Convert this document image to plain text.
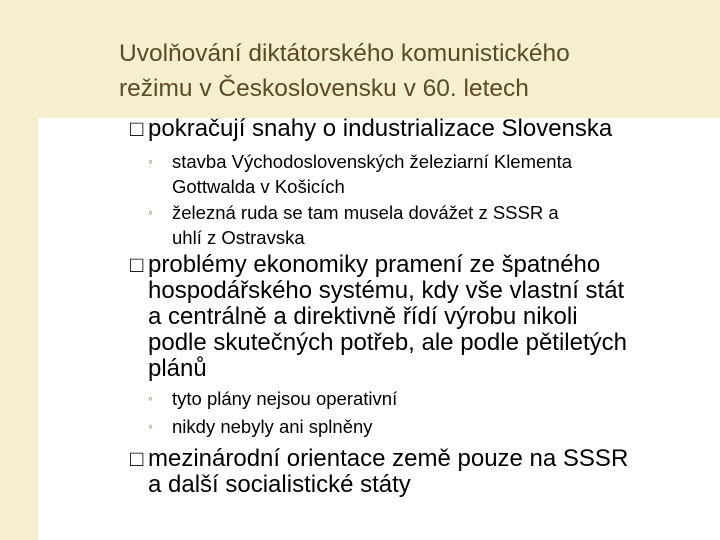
Uvolňování diktátorského komunistického
režimu v Československu v 60. letech

□ pokračují snahy o industrializace Slovenska

◦ stavba Východoslovenských železiarní Klementa
Gottwalda v Košicích

◦ železná ruda se tam musela dovážet z SSSR a
uhlí z Ostravska

□ problémy ekonomiky pramení ze špatného
hospodářského systému, kdy vše vlastní stát
a centrálně a direktivně řídí výrobu nikoli
podle skutečných potřeb, ale podle pětiletých
plánů

◦ tyto plány nejsou operativní

◦ nikdy nebyly ani splněny

□ mezinárodní orientace země pouze na SSSR
a další socialistické státy
